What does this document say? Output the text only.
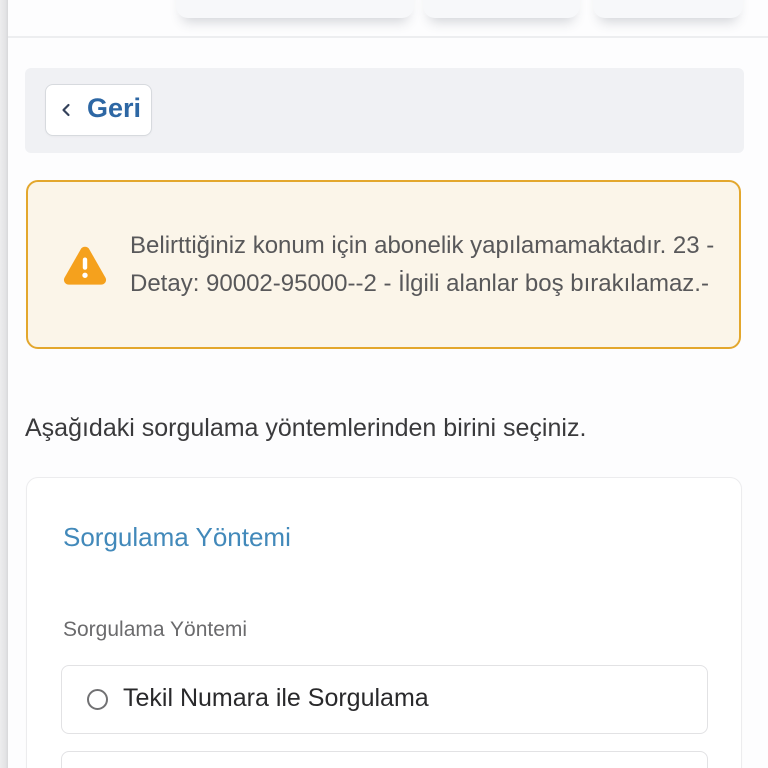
Geri
Belirttiğiniz konum için abonelik yapılamamaktadır. 23 - Detay: 90002-95000--2 - İlgili alanlar boş bırakılamaz.-
Aşağıdaki sorgulama yöntemlerinden birini seçiniz.
Sorgulama Yöntemi
Sorgulama Yöntemi
Tekil Numara ile Sorgulama
